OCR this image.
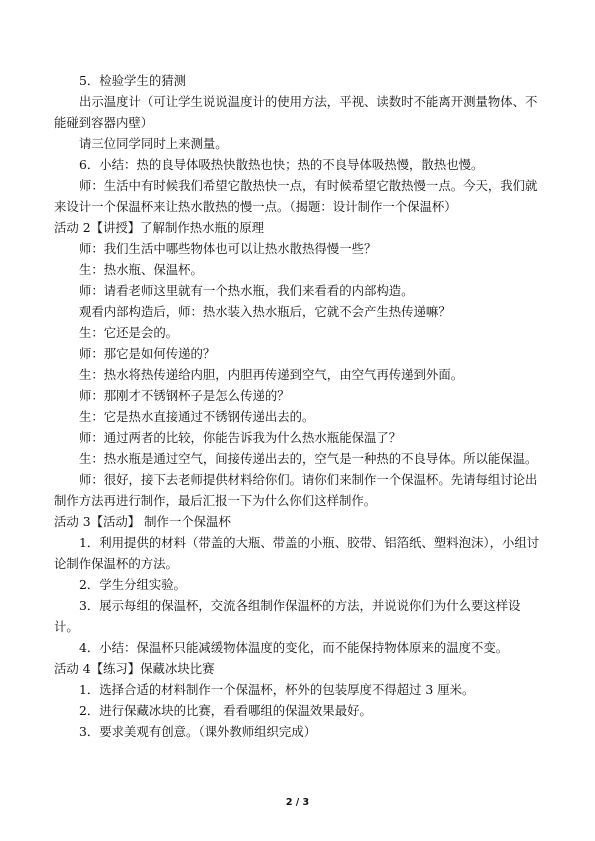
5．检验学生的猜测

出示温度计（可让学生说说温度计的使用方法，平视、读数时不能离开测量物体、不能碰到容器内壁）

请三位同学同时上来测量。

6．小结：热的良导体吸热快散热也快；热的不良导体吸热慢，散热也慢。

师：生活中有时候我们希望它散热快一点，有时候希望它散热慢一点。今天，我们就来设计一个保温杯来让热水散热的慢一点。（揭题：设计制作一个保温杯）

活动 2【讲授】了解制作热水瓶的原理

师：我们生活中哪些物体也可以让热水散热得慢一些？

生：热水瓶、保温杯。

师：请看老师这里就有一个热水瓶，我们来看看的内部构造。

观看内部构造后，师：热水装入热水瓶后，它就不会产生热传递嘛？

生：它还是会的。

师：那它是如何传递的？

生：热水将热传递给内胆，内胆再传递到空气，由空气再传递到外面。

师：那刚才不锈钢杯子是怎么传递的？

生：它是热水直接通过不锈钢传递出去的。

师：通过两者的比较，你能告诉我为什么热水瓶能保温了？

生：热水瓶是通过空气，间接传递出去的，空气是一种热的不良导体。所以能保温。

师：很好，接下去老师提供材料给你们。请你们来制作一个保温杯。先请每组讨论出制作方法再进行制作，最后汇报一下为什么你们这样制作。

活动 3【活动】 制作一个保温杯

1．利用提供的材料（带盖的大瓶、带盖的小瓶、胶带、铝箔纸、塑料泡沫），小组讨论制作保温杯的方法。

2．学生分组实验。

3．展示每组的保温杯，交流各组制作保温杯的方法，并说说你们为什么要这样设计。

4．小结：保温杯只能减缓物体温度的变化，而不能保持物体原来的温度不变。

活动 4【练习】保藏冰块比赛

1．选择合适的材料制作一个保温杯，杯外的包装厚度不得超过 3 厘米。

2．进行保藏冰块的比赛，看看哪组的保温效果最好。

3．要求美观有创意。（课外教师组织完成）

2 / 3
